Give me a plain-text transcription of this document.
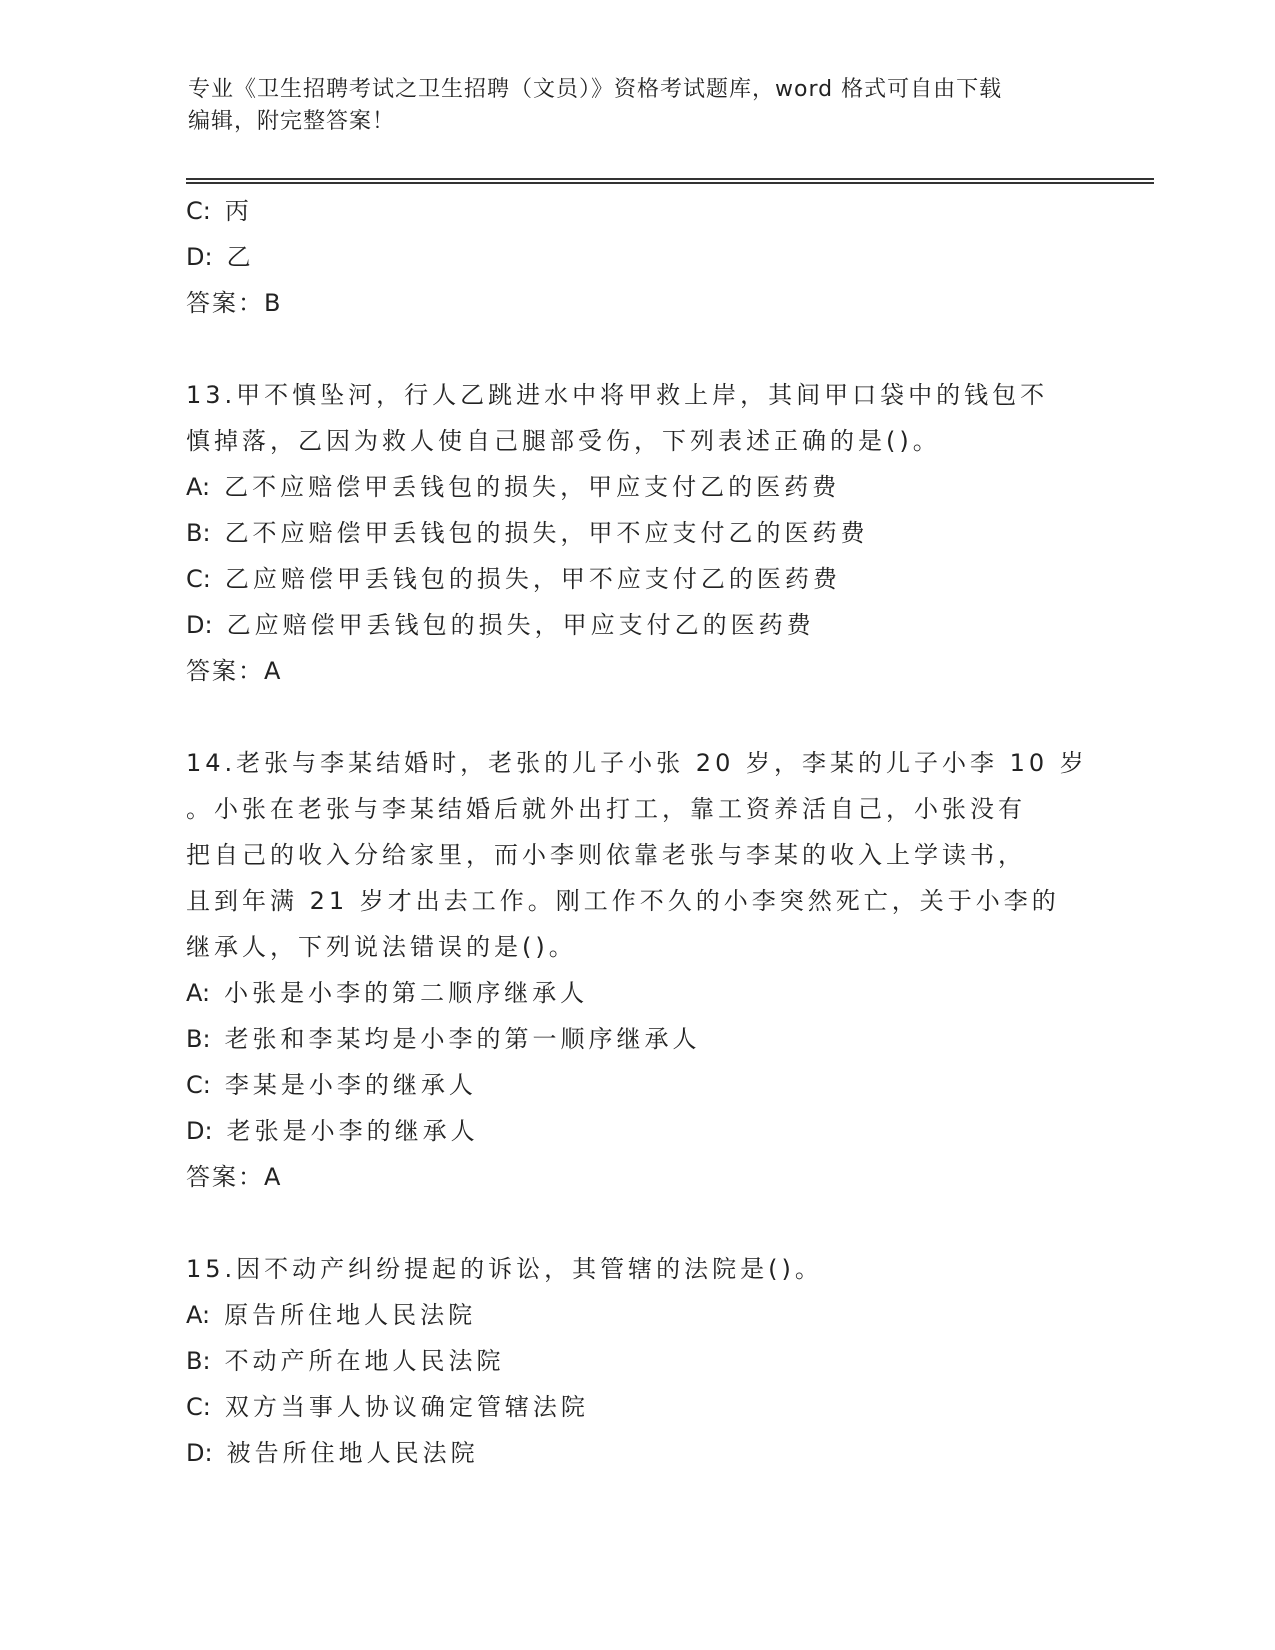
专业《卫生招聘考试之卫生招聘（文员）》资格考试题库，word 格式可自由下载
编辑，附完整答案！
C: 丙
D: 乙
答案：B
13.甲不慎坠河，行人乙跳进水中将甲救上岸，其间甲口袋中的钱包不
慎掉落，乙因为救人使自己腿部受伤，下列表述正确的是()。
A: 乙不应赔偿甲丢钱包的损失，甲应支付乙的医药费
B: 乙不应赔偿甲丢钱包的损失，甲不应支付乙的医药费
C: 乙应赔偿甲丢钱包的损失，甲不应支付乙的医药费
D: 乙应赔偿甲丢钱包的损失，甲应支付乙的医药费
答案：A
14.老张与李某结婚时，老张的儿子小张 20 岁，李某的儿子小李 10 岁
。小张在老张与李某结婚后就外出打工，靠工资养活自己，小张没有
把自己的收入分给家里，而小李则依靠老张与李某的收入上学读书，
且到年满 21 岁才出去工作。刚工作不久的小李突然死亡，关于小李的
继承人，下列说法错误的是()。
A: 小张是小李的第二顺序继承人
B: 老张和李某均是小李的第一顺序继承人
C: 李某是小李的继承人
D: 老张是小李的继承人
答案：A
15.因不动产纠纷提起的诉讼，其管辖的法院是()。
A: 原告所住地人民法院
B: 不动产所在地人民法院
C: 双方当事人协议确定管辖法院
D: 被告所住地人民法院
